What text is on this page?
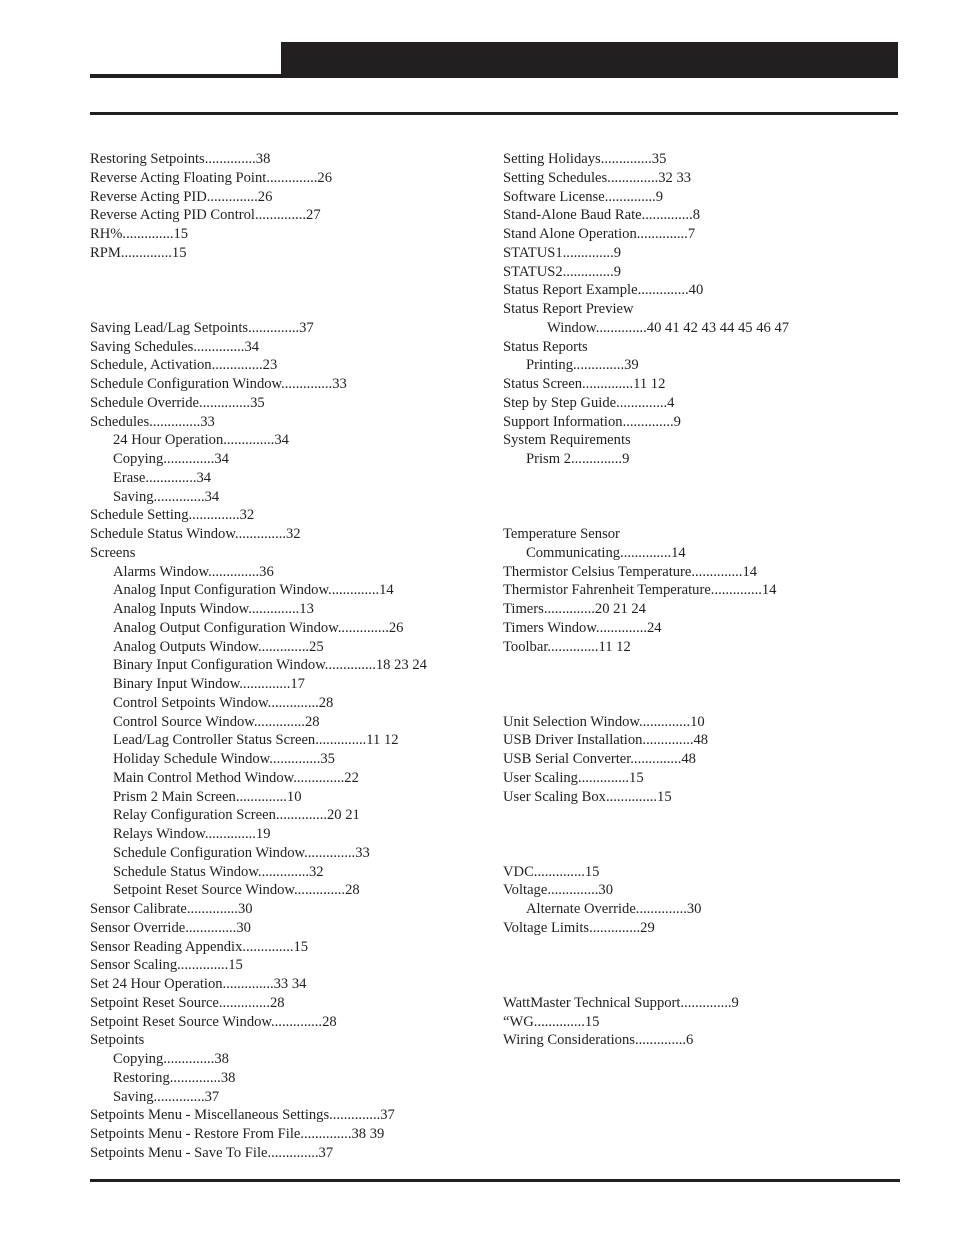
Restoring Setpoints..............38
Reverse Acting Floating Point..............26
Reverse Acting PID..............26
Reverse Acting PID Control..............27
RH%..............15
RPM..............15
Saving Lead/Lag Setpoints..............37
Saving Schedules..............34
Schedule, Activation..............23
Schedule Configuration Window..............33
Schedule Override..............35
Schedules..............33
24 Hour Operation..............34
Copying..............34
Erase..............34
Saving..............34
Schedule Setting..............32
Schedule Status Window..............32
Screens
Alarms Window..............36
Analog Input Configuration Window..............14
Analog Inputs Window..............13
Analog Output Configuration Window..............26
Analog Outputs Window..............25
Binary Input Configuration Window..............18 23 24
Binary Input Window..............17
Control Setpoints Window..............28
Control Source Window..............28
Lead/Lag Controller Status Screen..............11 12
Holiday Schedule Window..............35
Main Control Method Window..............22
Prism 2 Main Screen..............10
Relay Configuration Screen..............20 21
Relays Window..............19
Schedule Configuration Window..............33
Schedule Status Window..............32
Setpoint Reset Source Window..............28
Sensor Calibrate..............30
Sensor Override..............30
Sensor Reading Appendix..............15
Sensor Scaling..............15
Set 24 Hour Operation..............33 34
Setpoint Reset Source..............28
Setpoint Reset Source Window..............28
Setpoints
Copying..............38
Restoring..............38
Saving..............37
Setpoints Menu - Miscellaneous Settings..............37
Setpoints Menu - Restore From File..............38 39
Setpoints Menu - Save To File..............37
Setting Holidays..............35
Setting Schedules..............32 33
Software License..............9
Stand-Alone Baud Rate..............8
Stand Alone Operation..............7
STATUS1..............9
STATUS2..............9
Status Report Example..............40
Status Report Preview
Window..............40 41 42 43 44 45 46 47
Status Reports
Printing..............39
Status Screen..............11 12
Step by Step Guide..............4
Support Information..............9
System Requirements
Prism 2..............9
Temperature Sensor
Communicating..............14
Thermistor Celsius Temperature..............14
Thermistor Fahrenheit Temperature..............14
Timers..............20 21 24
Timers Window..............24
Toolbar..............11 12
Unit Selection Window..............10
USB Driver Installation..............48
USB Serial Converter..............48
User Scaling..............15
User Scaling Box..............15
VDC..............15
Voltage..............30
Alternate Override..............30
Voltage Limits..............29
WattMaster Technical Support..............9
“WG..............15
Wiring Considerations..............6
